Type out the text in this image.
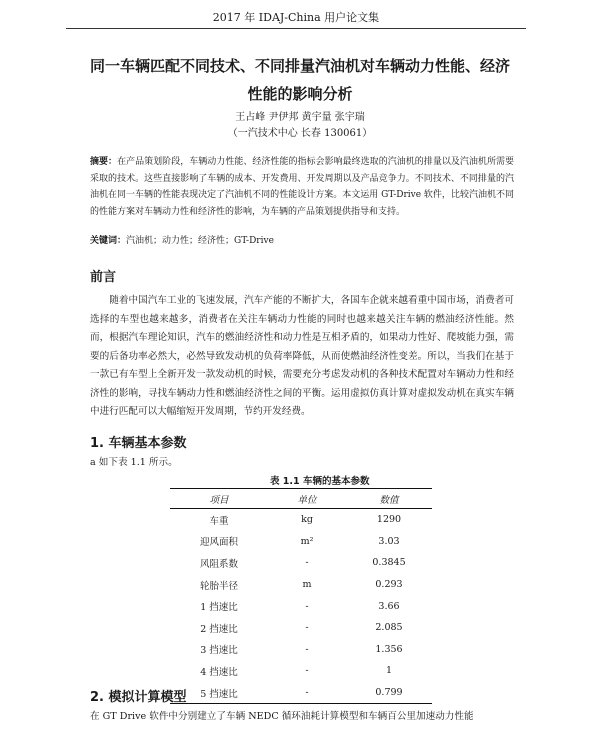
2017 年 IDAJ-China 用户论文集
同一车辆匹配不同技术、不同排量汽油机对车辆动力性能、经济
性能的影响分析
王占峰 尹伊邦 黄宇量 张宇瑞
（一汽技术中心 长春 130061）
摘要：在产品策划阶段，车辆动力性能、经济性能的指标会影响最终选取的汽油机的排量以及汽油机所需要采取的技术。这些直接影响了车辆的成本、开发费用、开发周期以及产品竞争力。不同技术、不同排量的汽油机在同一车辆的性能表现决定了汽油机不同的性能设计方案。本文运用 GT-Drive 软件，比较汽油机不同的性能方案对车辆动力性和经济性的影响，为车辆的产品策划提供指导和支持。
关键词：汽油机；动力性；经济性；GT-Drive
前言
随着中国汽车工业的飞速发展，汽车产能的不断扩大，各国车企就来越看重中国市场，消费者可选择的车型也越来越多，消费者在关注车辆动力性能的同时也越来越关注车辆的燃油经济性能。然而，根据汽车理论知识，汽车的燃油经济性和动力性是互相矛盾的，如果动力性好、爬坡能力强，需要的后备功率必然大，必然导致发动机的负荷率降低，从而使燃油经济性变差。所以，当我们在基于一款已有车型上全新开发一款发动机的时候，需要充分考虑发动机的各种技术配置对车辆动力性和经济性的影响，寻找车辆动力性和燃油经济性之间的平衡。运用虚拟仿真计算对虚拟发动机在真实车辆中进行匹配可以大幅缩短开发周期，节约开发经费。
1. 车辆基本参数
a 如下表 1.1 所示。
表 1.1 车辆的基本参数
项目	单位	数值
车重	kg	1290
迎风面积	m²	3.03
风阻系数	-	0.3845
轮胎半径	m	0.293
1 挡速比	-	3.66
2 挡速比	-	2.085
3 挡速比	-	1.356
4 挡速比	-	1
5 挡速比	-	0.799
2. 模拟计算模型
在 GT Drive 软件中分别建立了车辆 NEDC 循环油耗计算模型和车辆百公里加速动力性能
